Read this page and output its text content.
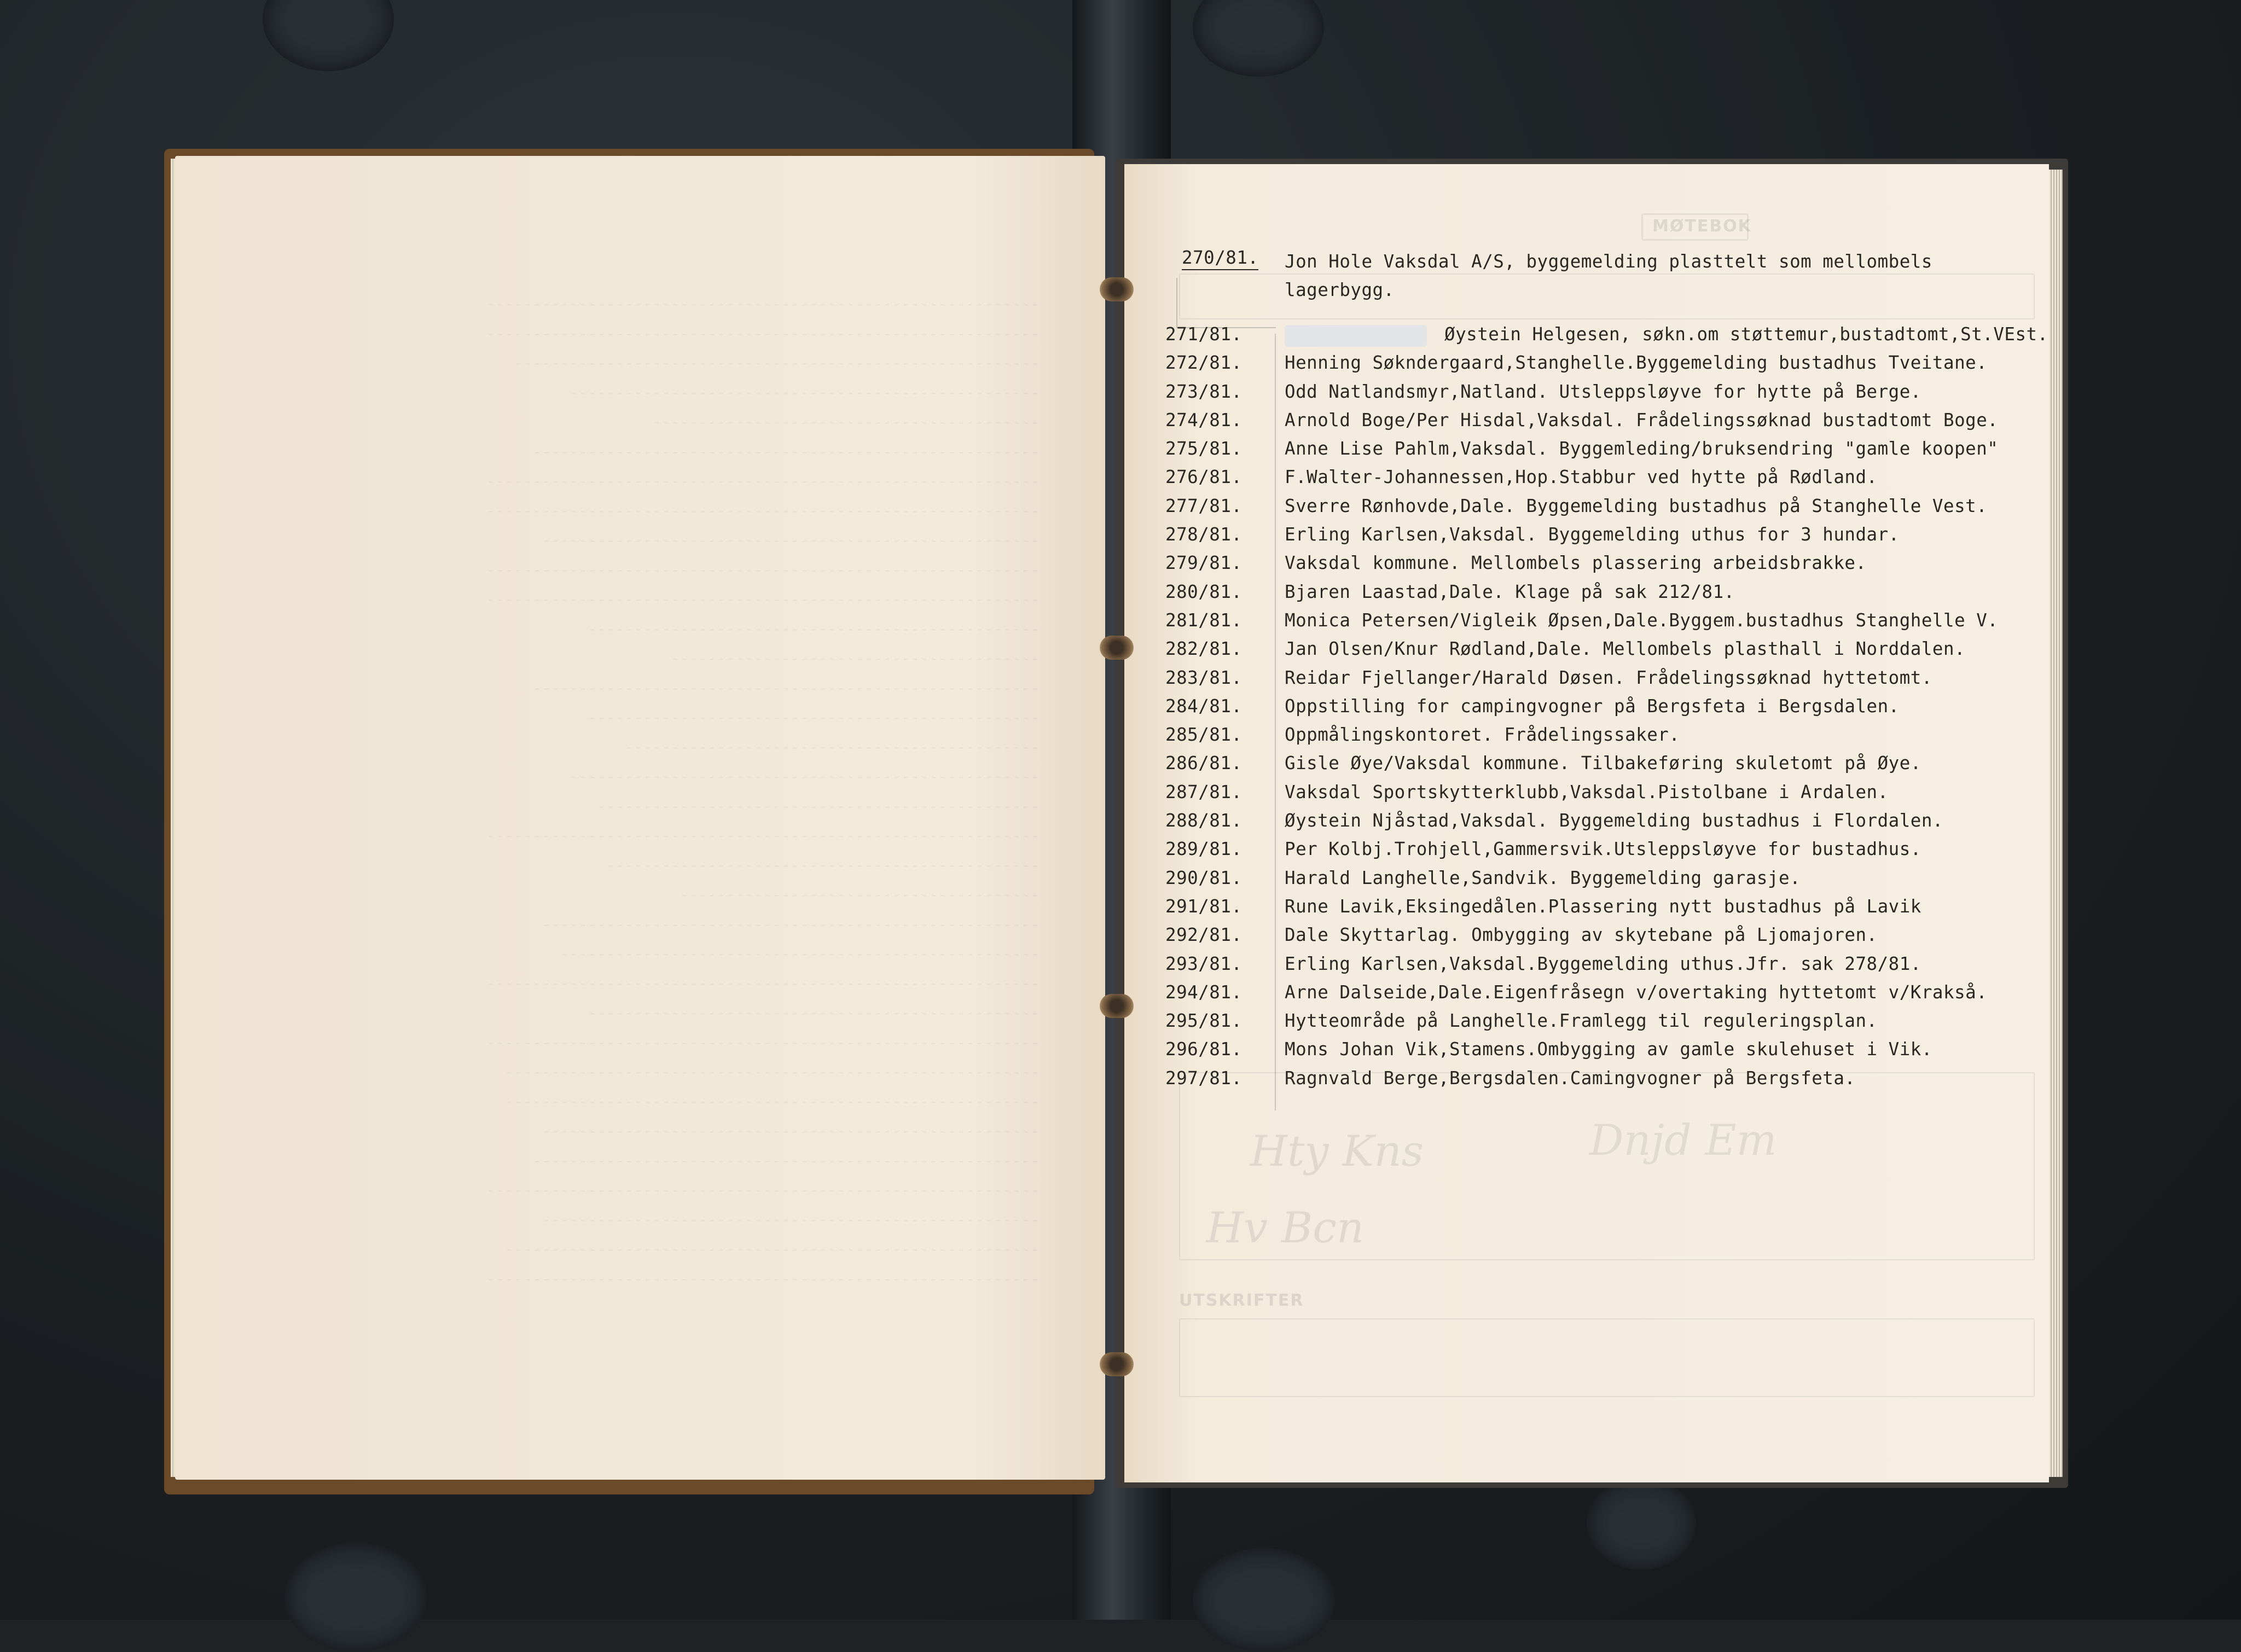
------------------------------------------------------------
------------------------------------------------------------
---------------------------------------------------------
---------------------------------------------------
------------------------------------------
-------------------------------------------------------
------------------------------------------------------------
------------------------------------------------------------
------------------------------------------------------
------------------------------------------------------------
------------------------------------------------------------
-------------------------------------------------
----------------------------------------
-------------------------------------------------------
-------------------------------------------------
---------------------------------------------
---------------------------------------------------
------------------------------------------------
------------------------------------------------------------
-----------------------------------------------
---------------------------------------
------------------------------------------------------
----------------------------------------------------
------------------------------------------------------------
-------------------------------------------------
------------------------------------------------------------
----------------------------------------------------------
----------------------------------------------------------
------------------------------------------------------
-------------------------------------------------------
------------------------------------------------------------
------------------------------------------------------
----------------------------------------------------------
------------------------------------------------------------

MØTEBOK
UTSKRIFTER
Hty Kns	Dnjd Em
Hv Bcn
270/81. Jon Hole Vaksdal A/S, byggemelding plasttelt som mellombels
lagerbygg.
271/81.	Øystein Helgesen, søkn.om støttemur,bustadtomt,St.VEst.
272/81. Henning Søkndergaard,Stanghelle.Byggemelding bustadhus Tveitane.
273/81. Odd Natlandsmyr,Natland. Utsleppsløyve for hytte på Berge.
274/81. Arnold Boge/Per Hisdal,Vaksdal. Frådelingssøknad bustadtomt Boge.
275/81. Anne Lise Pahlm,Vaksdal. Byggemleding/bruksendring "gamle koopen"
276/81. F.Walter-Johannessen,Hop.Stabbur ved hytte på Rødland.
277/81. Sverre Rønhovde,Dale. Byggemelding bustadhus på Stanghelle Vest.
278/81. Erling Karlsen,Vaksdal. Byggemelding uthus for 3 hundar.
279/81. Vaksdal kommune. Mellombels plassering arbeidsbrakke.
280/81. Bjaren Laastad,Dale. Klage på sak 212/81.
281/81. Monica Petersen/Vigleik Øpsen,Dale.Byggem.bustadhus Stanghelle V.
282/81. Jan Olsen/Knur Rødland,Dale. Mellombels plasthall i Norddalen.
283/81. Reidar Fjellanger/Harald Døsen. Frådelingssøknad hyttetomt.
284/81. Oppstilling for campingvogner på Bergsfeta i Bergsdalen.
285/81. Oppmålingskontoret. Frådelingssaker.
286/81. Gisle Øye/Vaksdal kommune. Tilbakeføring skuletomt på Øye.
287/81. Vaksdal Sportskytterklubb,Vaksdal.Pistolbane i Ardalen.
288/81. Øystein Njåstad,Vaksdal. Byggemelding bustadhus i Flordalen.
289/81. Per Kolbj.Trohjell,Gammersvik.Utsleppsløyve for bustadhus.
290/81. Harald Langhelle,Sandvik. Byggemelding garasje.
291/81. Rune Lavik,Eksingedålen.Plassering nytt bustadhus på Lavik
292/81. Dale Skyttarlag. Ombygging av skytebane på Ljomajoren.
293/81. Erling Karlsen,Vaksdal.Byggemelding uthus.Jfr. sak 278/81.
294/81. Arne Dalseide,Dale.Eigenfråsegn v/overtaking hyttetomt v/Krakså.
295/81. Hytteområde på Langhelle.Framlegg til reguleringsplan.
296/81. Mons Johan Vik,Stamens.Ombygging av gamle skulehuset i Vik.
297/81. Ragnvald Berge,Bergsdalen.Camingvogner på Bergsfeta.
